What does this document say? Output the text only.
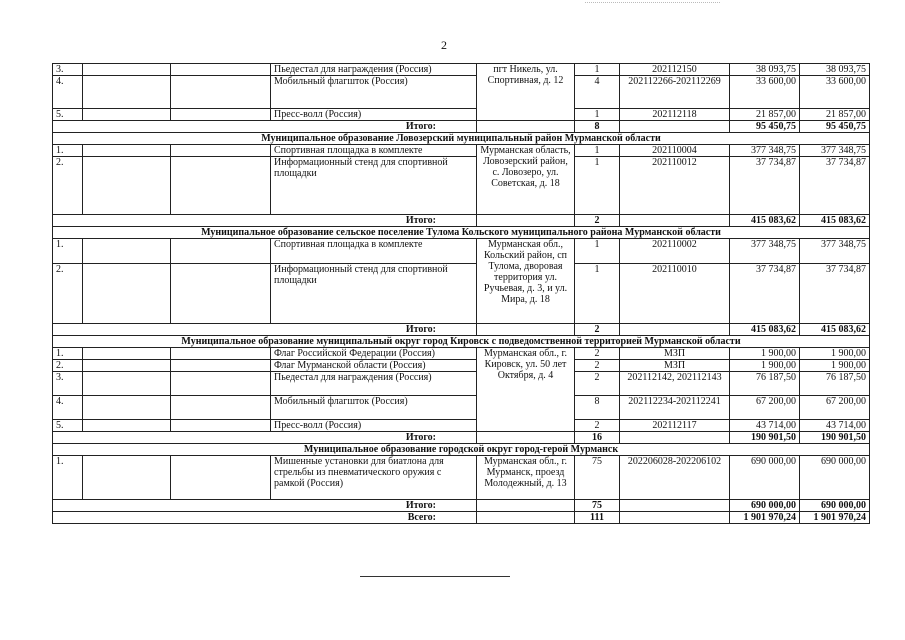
2
3.			Пьедестал для награждения (Россия)	пгт Никель, ул. Спортивная, д. 12	1	202112150	38 093,75	38 093,75
4.			Мобильный флагшток (Россия)		4	202112266-202112269	33 600,00	33 600,00
5.			Пресс-волл (Россия)		1	202112118	21 857,00	21 857,00
Итого:					8		95 450,75	95 450,75
Муниципальное образование Ловозерский муниципальный район Мурманской области								
1.			Спортивная площадка в комплекте	Мурманская область, Ловозерский район, с. Ловозеро, ул. Советская, д. 18	1	202110004	377 348,75	377 348,75
2.			Информационный стенд для спортивной площадки		1	202110012	37 734,87	37 734,87
Итого:					2		415 083,62	415 083,62
Муниципальное образование сельское поселение Тулома Кольского муниципального района Мурманской области								
1.			Спортивная площадка в комплекте	Мурманская обл., Кольский район, сп Тулома, дворовая территория ул. Ручьевая, д. 3, и ул. Мира, д. 18	1	202110002	377 348,75	377 348,75
2.			Информационный стенд для спортивной площадки		1	202110010	37 734,87	37 734,87
Итого:					2		415 083,62	415 083,62
Муниципальное образование муниципальный округ город Кировск с подведомственной территорией Мурманской области								
1.			Флаг Российской Федерации (Россия)	Мурманская обл., г. Кировск, ул. 50 лет Октября, д. 4	2	МЗП	1 900,00	1 900,00
2.			Флаг Мурманской области (Россия)		2	МЗП	1 900,00	1 900,00
3.			Пьедестал для награждения (Россия)		2	202112142, 202112143	76 187,50	76 187,50
4.			Мобильный флагшток (Россия)		8	202112234-202112241	67 200,00	67 200,00
5.			Пресс-волл (Россия)		2	202112117	43 714,00	43 714,00
Итого:					16		190 901,50	190 901,50
Муниципальное образование городской округ город-герой Мурманск								
1.			Мишенные установки для биатлона для стрельбы из пневматического оружия с рамкой (Россия)	Мурманская обл., г. Мурманск, проезд Молодежный, д. 13	75	202206028-202206102	690 000,00	690 000,00
Итого:					75		690 000,00	690 000,00
Всего:					111		1 901 970,24	1 901 970,24
